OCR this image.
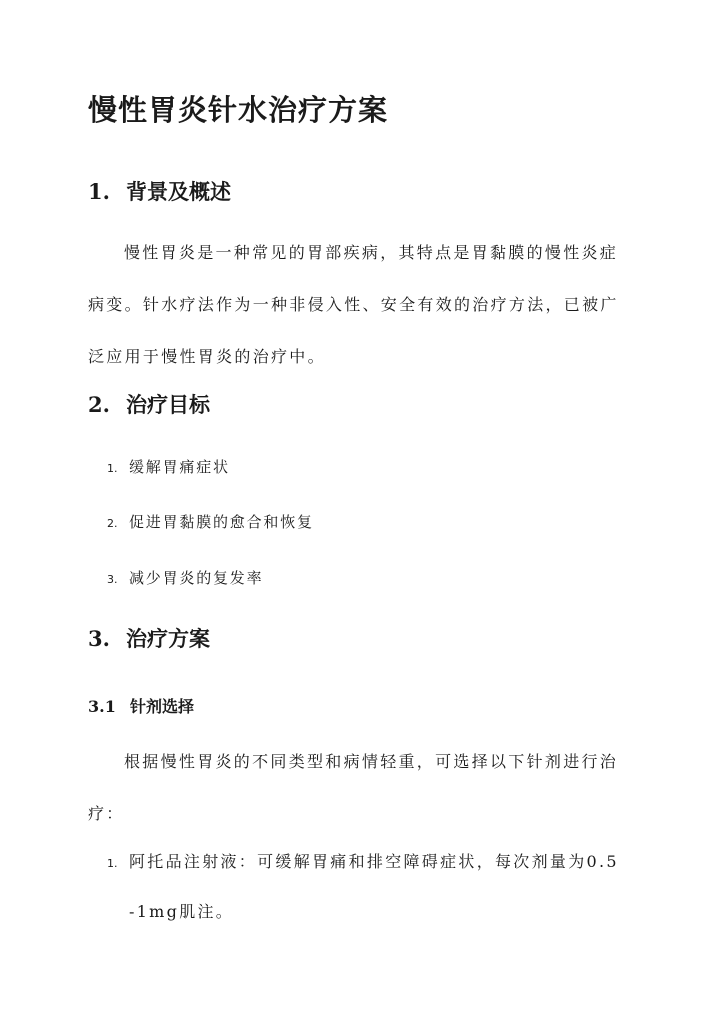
慢性胃炎针水治疗方案
1. 背景及概述

慢性胃炎是一种常见的胃部疾病，其特点是胃黏膜的慢性炎症病变。针水疗法作为一种非侵入性、安全有效的治疗方法，已被广泛应用于慢性胃炎的治疗中。

2. 治疗目标
1. 缓解胃痛症状
2. 促进胃黏膜的愈合和恢复
3. 减少胃炎的复发率
3. 治疗方案
3.1 针剂选择

根据慢性胃炎的不同类型和病情轻重，可选择以下针剂进行治疗：

1. 阿托品注射液：可缓解胃痛和排空障碍症状，每次剂量为0.5
-1mg肌注。
